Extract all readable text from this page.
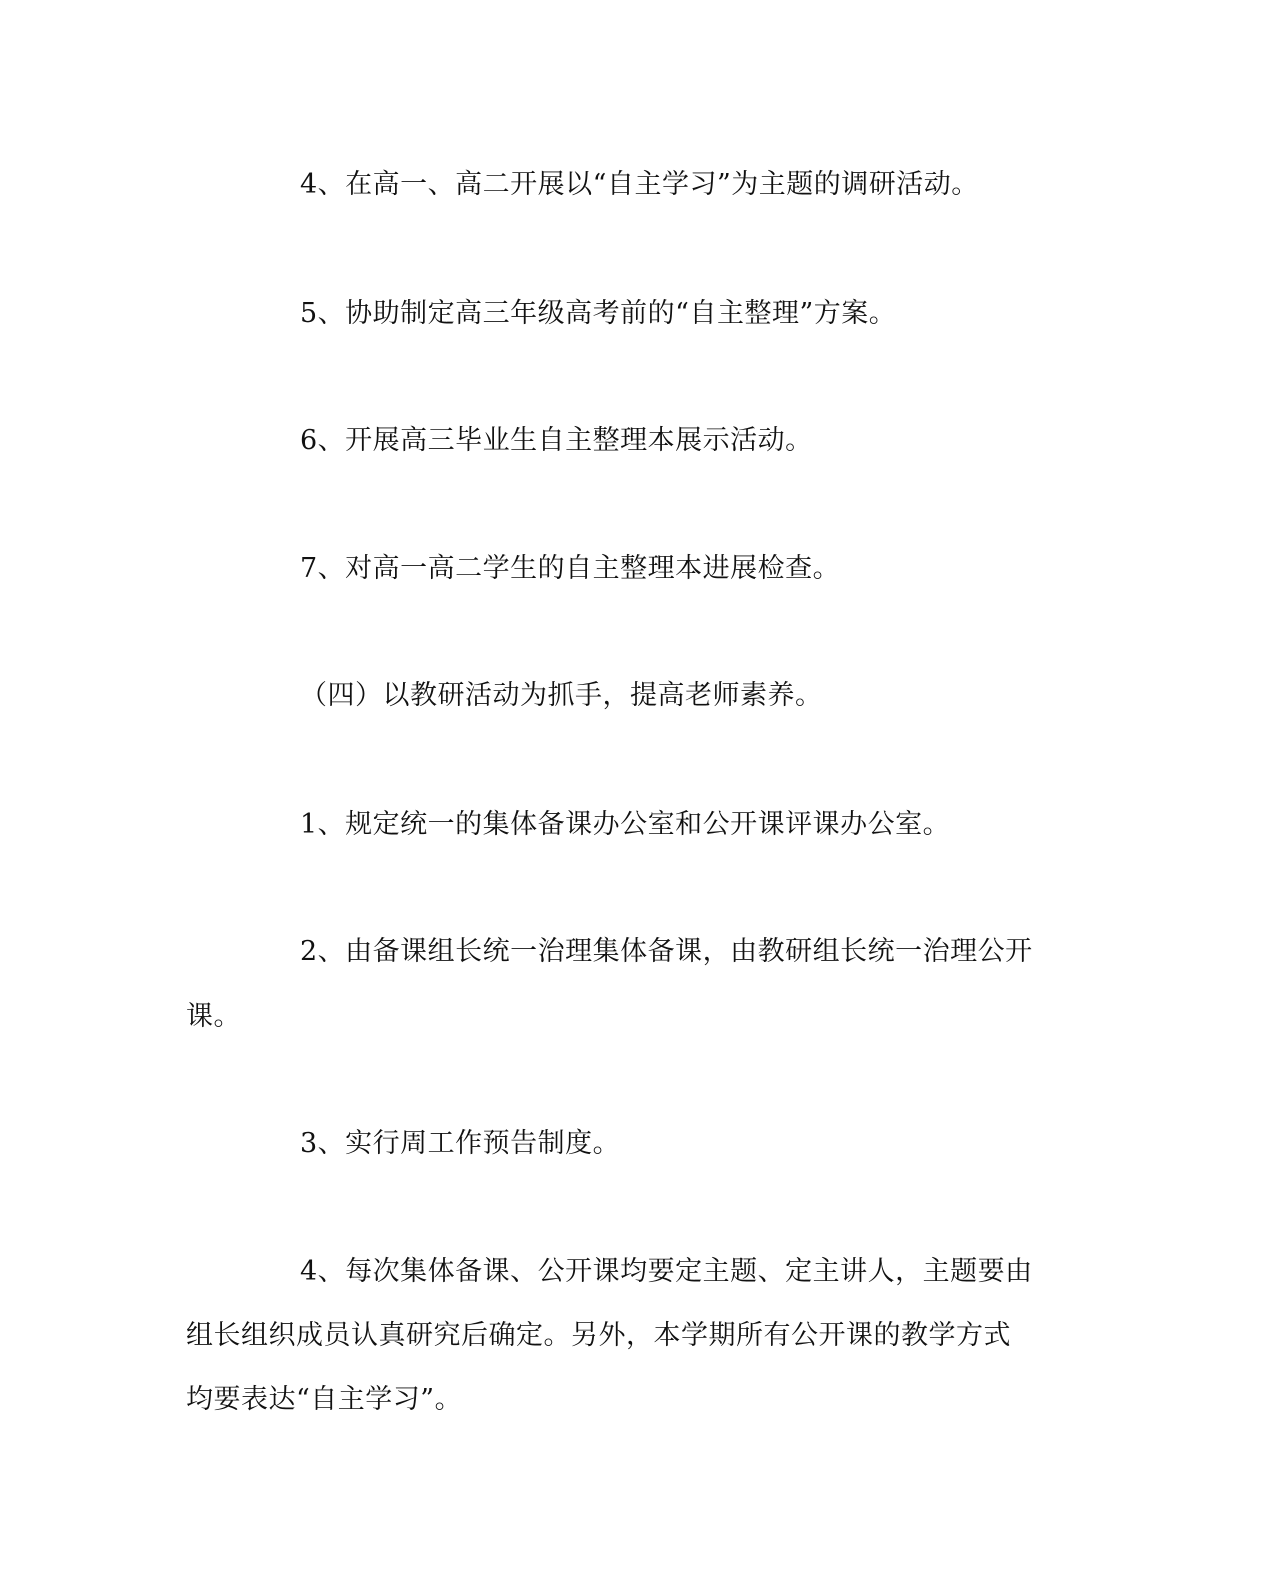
4、在高一、高二开展以“自主学习”为主题的调研活动。
5、协助制定高三年级高考前的“自主整理”方案。
6、开展高三毕业生自主整理本展示活动。
7、对高一高二学生的自主整理本进展检查。
（四）以教研活动为抓手，提高老师素养。
1、规定统一的集体备课办公室和公开课评课办公室。
2、由备课组长统一治理集体备课，由教研组长统一治理公开
课。
3、实行周工作预告制度。
4、每次集体备课、公开课均要定主题、定主讲人，主题要由
组长组织成员认真研究后确定。另外，本学期所有公开课的教学方式
均要表达“自主学习”。
